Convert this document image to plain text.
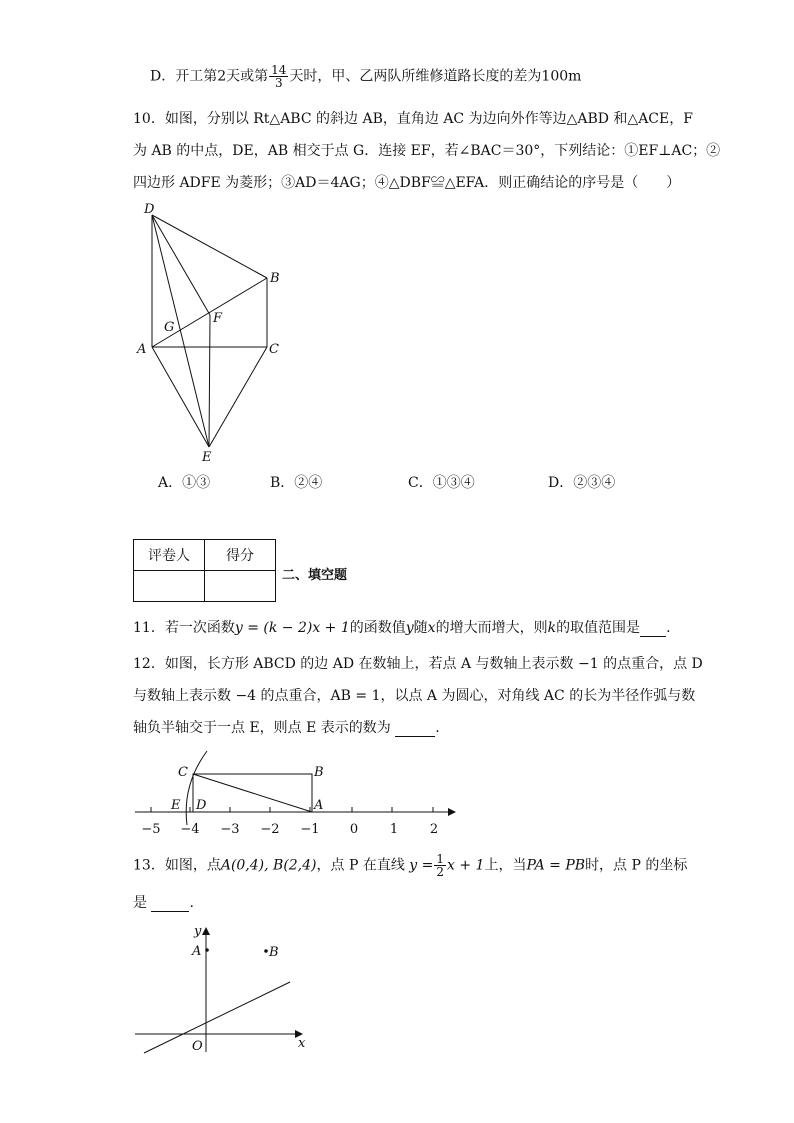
D．开工第2天或第 $\frac{14}{3}$ 天时，甲、乙两队所维修道路长度的差为100m
10．如图，分别以 Rt△ABC 的斜边 AB，直角边 AC 为边向外作等边△ABD 和△ACE，F
为 AB 的中点，DE，AB 相交于点 G．连接 EF，若∠BAC＝30°，下列结论：①EF⊥AC；②
四边形 ADFE 为菱形；③AD＝4AG；④△DBF≌△EFA．则正确结论的序号是（　　）
D
B
G
F
A	C
E
A．①③	B．②④	C．①③④	D．②③④
评卷人	得分

二、填空题
11．若一次函数y = (k − 2)x + 1的函数值y随x的增大而增大，则k的取值范围是 .
12．如图，长方形 ABCD 的边 AD 在数轴上，若点 A 与数轴上表示数 −1 的点重合，点 D
与数轴上表示数 −4 的点重合，AB = 1，以点 A 为圆心，对角线 AC 的长为半径作弧与数
轴负半轴交于一点 E，则点 E 表示的数为	.
C	B
E D	A
−5 −4 −3 −2 −1 0 1 2
13．如图，点A(0,4), B(2,4)，点 P 在直线 $y = \frac{1}{2}$ x + 1上，当PA = PB时，点 P 的坐标
是	.
y
A	B
O	x
